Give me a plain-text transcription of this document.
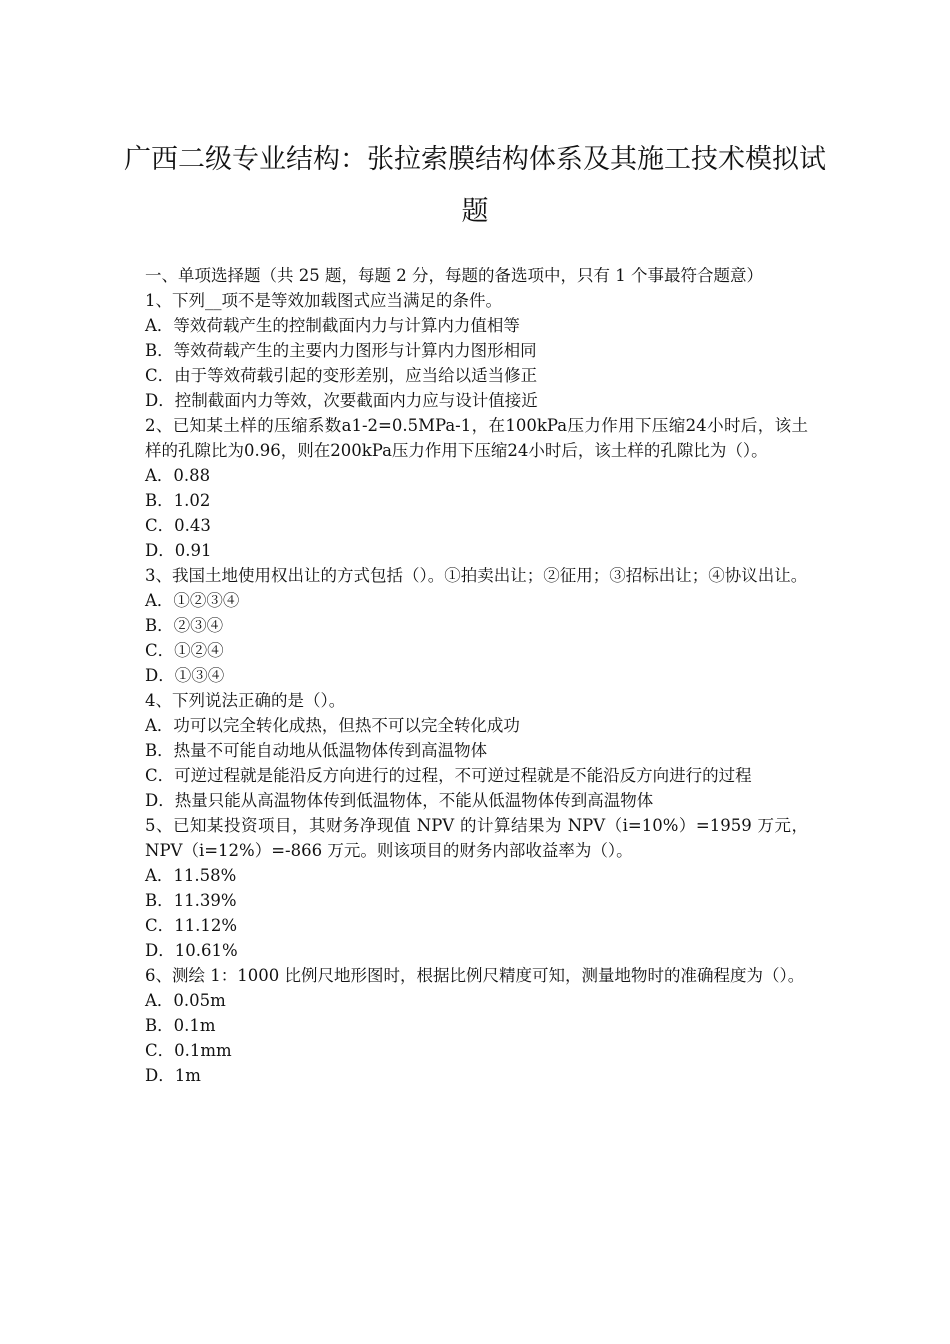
广西二级专业结构：张拉索膜结构体系及其施工技术模拟试题
一、单项选择题（共 25 题，每题 2 分，每题的备选项中，只有 1 个事最符合题意）
1、下列__项不是等效加载图式应当满足的条件。
A．等效荷载产生的控制截面内力与计算内力值相等
B．等效荷载产生的主要内力图形与计算内力图形相同
C．由于等效荷载引起的变形差别，应当给以适当修正
D．控制截面内力等效，次要截面内力应与设计值接近
2、已知某土样的压缩系数a1-2=0.5MPa-1，在100kPa压力作用下压缩24小时后，该土样的孔隙比为0.96，则在200kPa压力作用下压缩24小时后，该土样的孔隙比为（）。
A．0.88
B．1.02
C．0.43
D．0.91
3、我国土地使用权出让的方式包括（）。①拍卖出让；②征用；③招标出让；④协议出让。
A．①②③④
B．②③④
C．①②④
D．①③④
4、下列说法正确的是（）。
A．功可以完全转化成热，但热不可以完全转化成功
B．热量不可能自动地从低温物体传到高温物体
C．可逆过程就是能沿反方向进行的过程，不可逆过程就是不能沿反方向进行的过程
D．热量只能从高温物体传到低温物体，不能从低温物体传到高温物体
5、已知某投资项目，其财务净现值 NPV 的计算结果为 NPV（i=10%）=1959 万元，NPV（i=12%）=-866 万元。则该项目的财务内部收益率为（）。
A．11.58%
B．11.39%
C．11.12%
D．10.61%
6、测绘 1：1000 比例尺地形图时，根据比例尺精度可知，测量地物时的准确程度为（）。
A．0.05m
B．0.1m
C．0.1mm
D．1m
